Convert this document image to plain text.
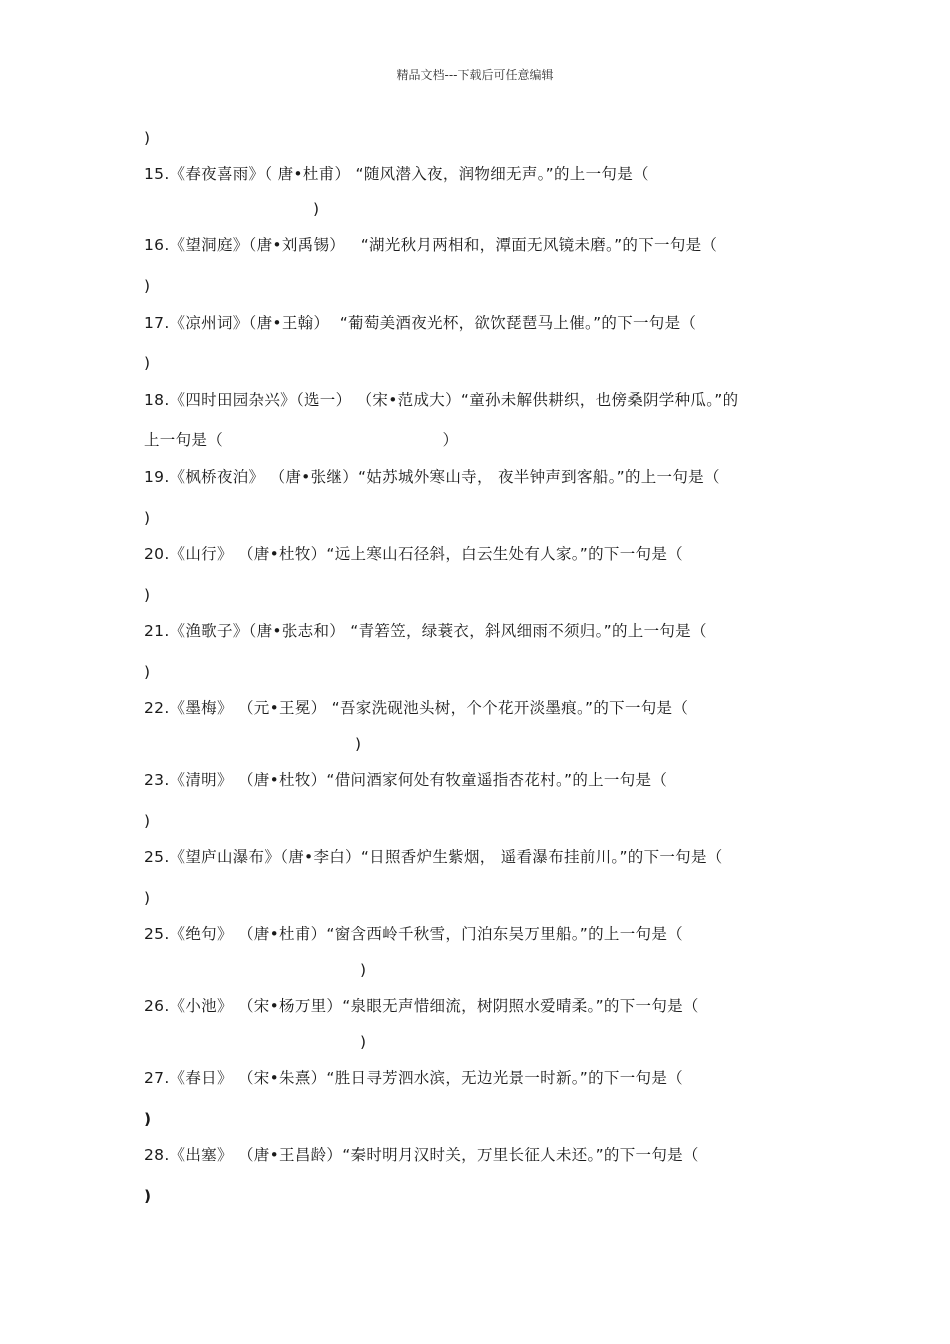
精品文档---下载后可任意编辑
)
15.《春夜喜雨》（ 唐•杜甫） “随风潜入夜，润物细无声。”的上一句是（
)
16.《望洞庭》（唐•刘禹锡）   “湖光秋月两相和，潭面无风镜未磨。”的下一句是（
)
17.《凉州词》（唐•王翰）  “葡萄美酒夜光杯，欲饮琵琶马上催。”的下一句是（
)
18.《四时田园杂兴》（选一） （宋•范成大）“童孙未解供耕织，也傍桑阴学种瓜。”的
上一句是（                                          ）
19.《枫桥夜泊》 （唐•张继）“姑苏城外寒山寺， 夜半钟声到客船。”的上一句是（
)
20.《山行》 （唐•杜牧）“远上寒山石径斜，白云生处有人家。”的下一句是（
)
21.《渔歌子》（唐•张志和） “青箬笠，绿蓑衣，斜风细雨不须归。”的上一句是（
)
22.《墨梅》 （元•王冕） “吾家洗砚池头树，个个花开淡墨痕。”的下一句是（
)
23.《清明》 （唐•杜牧）“借问酒家何处有牧童遥指杏花村。”的上一句是（
)
25.《望庐山瀑布》（唐•李白）“日照香炉生紫烟， 遥看瀑布挂前川。”的下一句是（
)
25.《绝句》 （唐•杜甫）“窗含西岭千秋雪，门泊东吴万里船。”的上一句是（
)
26.《小池》 （宋•杨万里）“泉眼无声惜细流，树阴照水爱晴柔。”的下一句是（
)
27.《春日》 （宋•朱熹）“胜日寻芳泗水滨，无边光景一时新。”的下一句是（
)
28.《出塞》 （唐•王昌龄）“秦时明月汉时关，万里长征人未还。”的下一句是（
)
